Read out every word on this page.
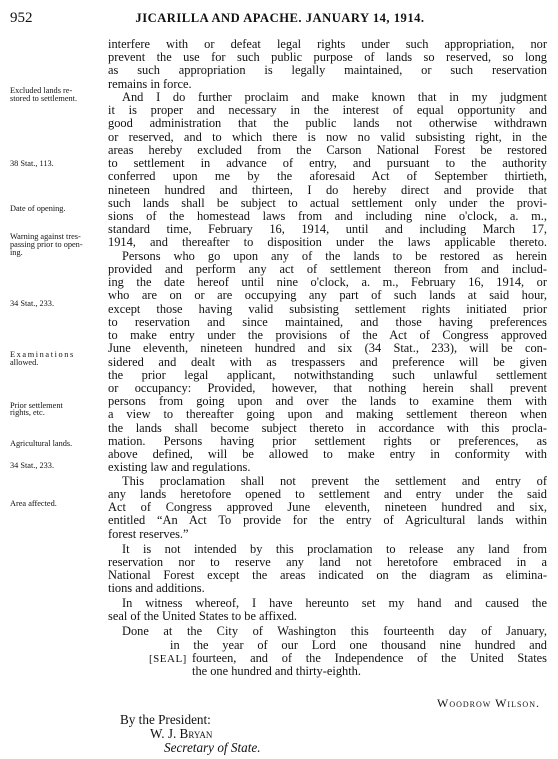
952	JICARILLA AND APACHE. JANUARY 14, 1914.
Excluded lands re-
stored to settlement.
38 Stat., 113.
Date of opening.
Warning against tres-
passing prior to open-
ing.
34 Stat., 233.
Examinations
allowed.
Prior settlement
rights, etc.
Agricultural lands.
34 Stat., 233.
Area affected.
interfere with or defeat legal rights under such appropriation, nor
prevent the use for such public purpose of lands so reserved, so long
as such appropriation is legally maintained, or such reservation
remains in force.
And I do further proclaim and make known that in my judgment
it is proper and necessary in the interest of equal opportunity and
good administration that the public lands not otherwise withdrawn
or reserved, and to which there is now no valid subsisting right, in the
areas hereby excluded from the Carson National Forest be restored
to settlement in advance of entry, and pursuant to the authority
conferred upon me by the aforesaid Act of September thirtieth,
nineteen hundred and thirteen, I do hereby direct and provide that
such lands shall be subject to actual settlement only under the provi-
sions of the homestead laws from and including nine o'clock, a. m.,
standard time, February 16, 1914, until and including March 17,
1914, and thereafter to disposition under the laws applicable thereto.
Persons who go upon any of the lands to be restored as herein
provided and perform any act of settlement thereon from and includ-
ing the date hereof until nine o'clock, a. m., February 16, 1914, or
who are on or are occupying any part of such lands at said hour,
except those having valid subsisting settlement rights initiated prior
to reservation and since maintained, and those having preferences
to make entry under the provisions of the Act of Congress approved
June eleventh, nineteen hundred and six (34 Stat., 233), will be con-
sidered and dealt with as trespassers and preference will be given
the prior legal applicant, notwithstanding such unlawful settlement
or occupancy: Provided, however, that nothing herein shall prevent
persons from going upon and over the lands to examine them with
a view to thereafter going upon and making settlement thereon when
the lands shall become subject thereto in accordance with this procla-
mation. Persons having prior settlement rights or preferences, as
above defined, will be allowed to make entry in conformity with
existing law and regulations.
This proclamation shall not prevent the settlement and entry of
any lands heretofore opened to settlement and entry under the said
Act of Congress approved June eleventh, nineteen hundred and six,
entitled “An Act To provide for the entry of Agricultural lands within
forest reserves.”
It is not intended by this proclamation to release any land from
reservation nor to reserve any land not heretofore embraced in a
National Forest except the areas indicated on the diagram as elimina-
tions and additions.
In witness whereof, I have hereunto set my hand and caused the
seal of the United States to be affixed.
Done at the City of Washington this fourteenth day of January,
in the year of our Lord one thousand nine hundred and
fourteen, and of the Independence of the United States
the one hundred and thirty-eighth.
[SEAL]
Woodrow Wilson.
By the President:
W. J. Bryan
Secretary of State.
